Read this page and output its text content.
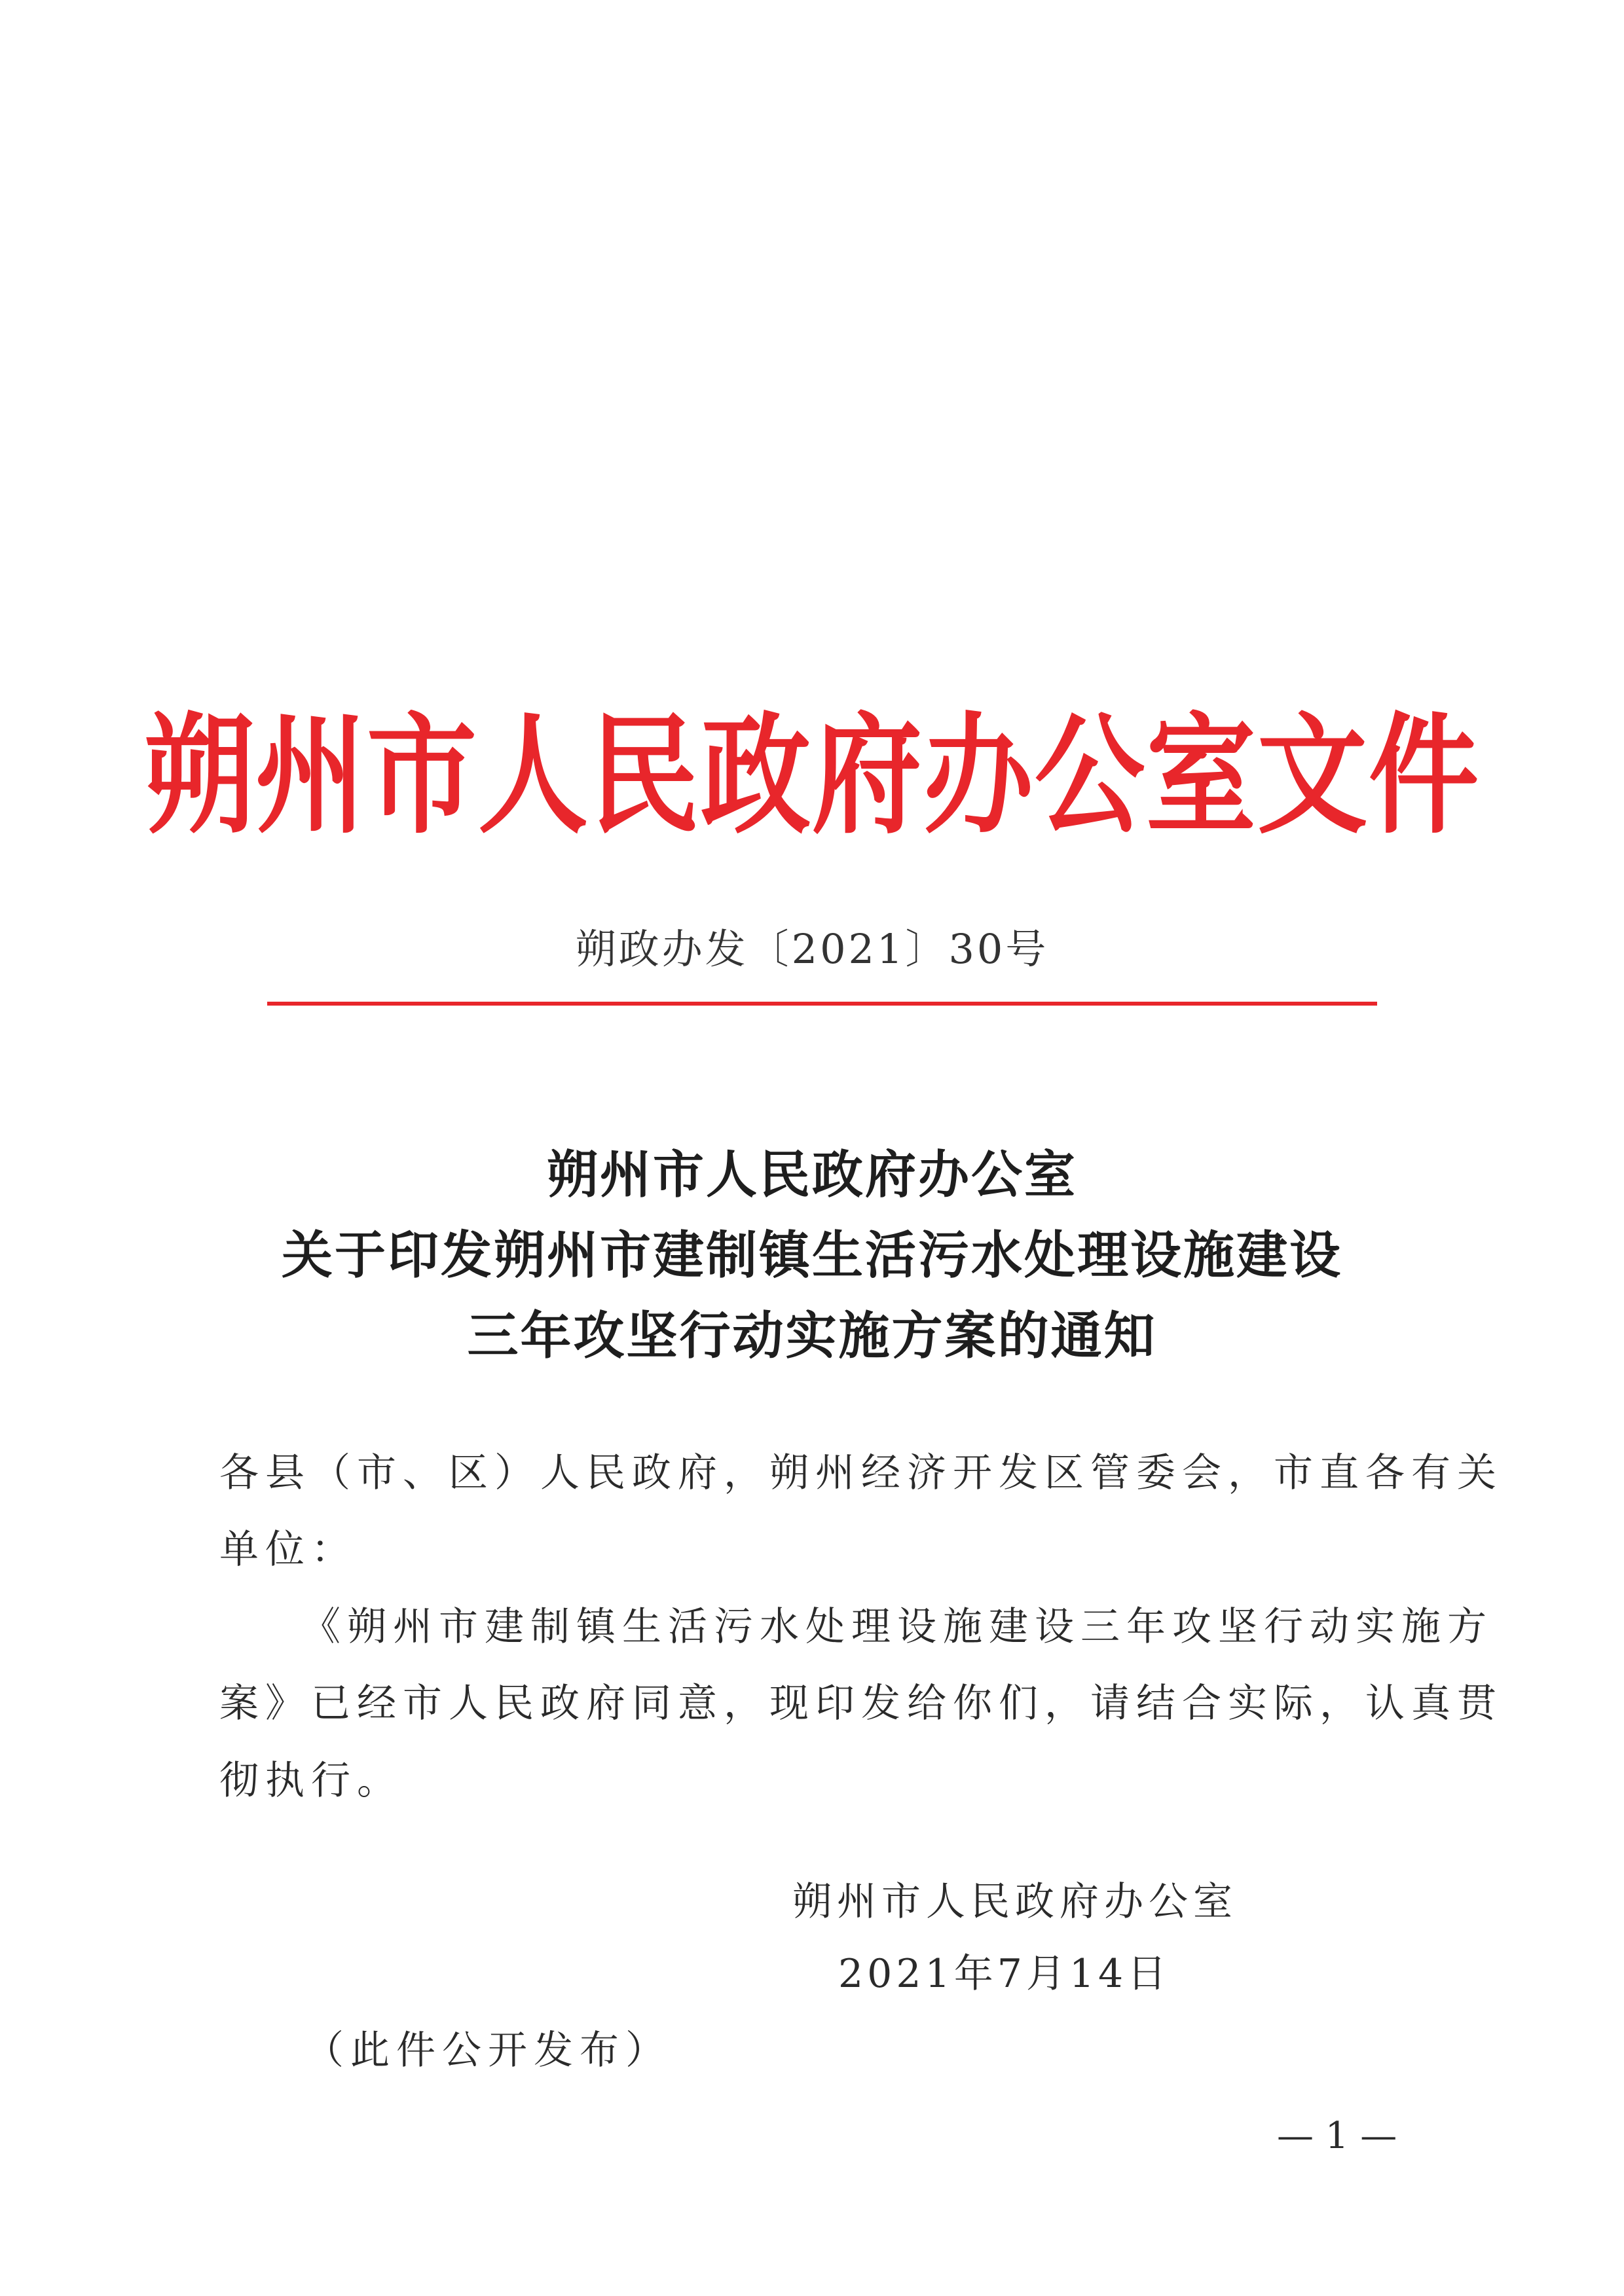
朔州市人民政府办公室文件
朔政办发〔2021〕30号
朔州市人民政府办公室
关于印发朔州市建制镇生活污水处理设施建设
三年攻坚行动实施方案的通知
各县（市、区）人民政府，朔州经济开发区管委会，市直各有关
单位：
《朔州市建制镇生活污水处理设施建设三年攻坚行动实施方
案》已经市人民政府同意，现印发给你们，请结合实际，认真贯
彻执行。
朔州市人民政府办公室
2021年7月14日
（此件公开发布）
— 1 —
